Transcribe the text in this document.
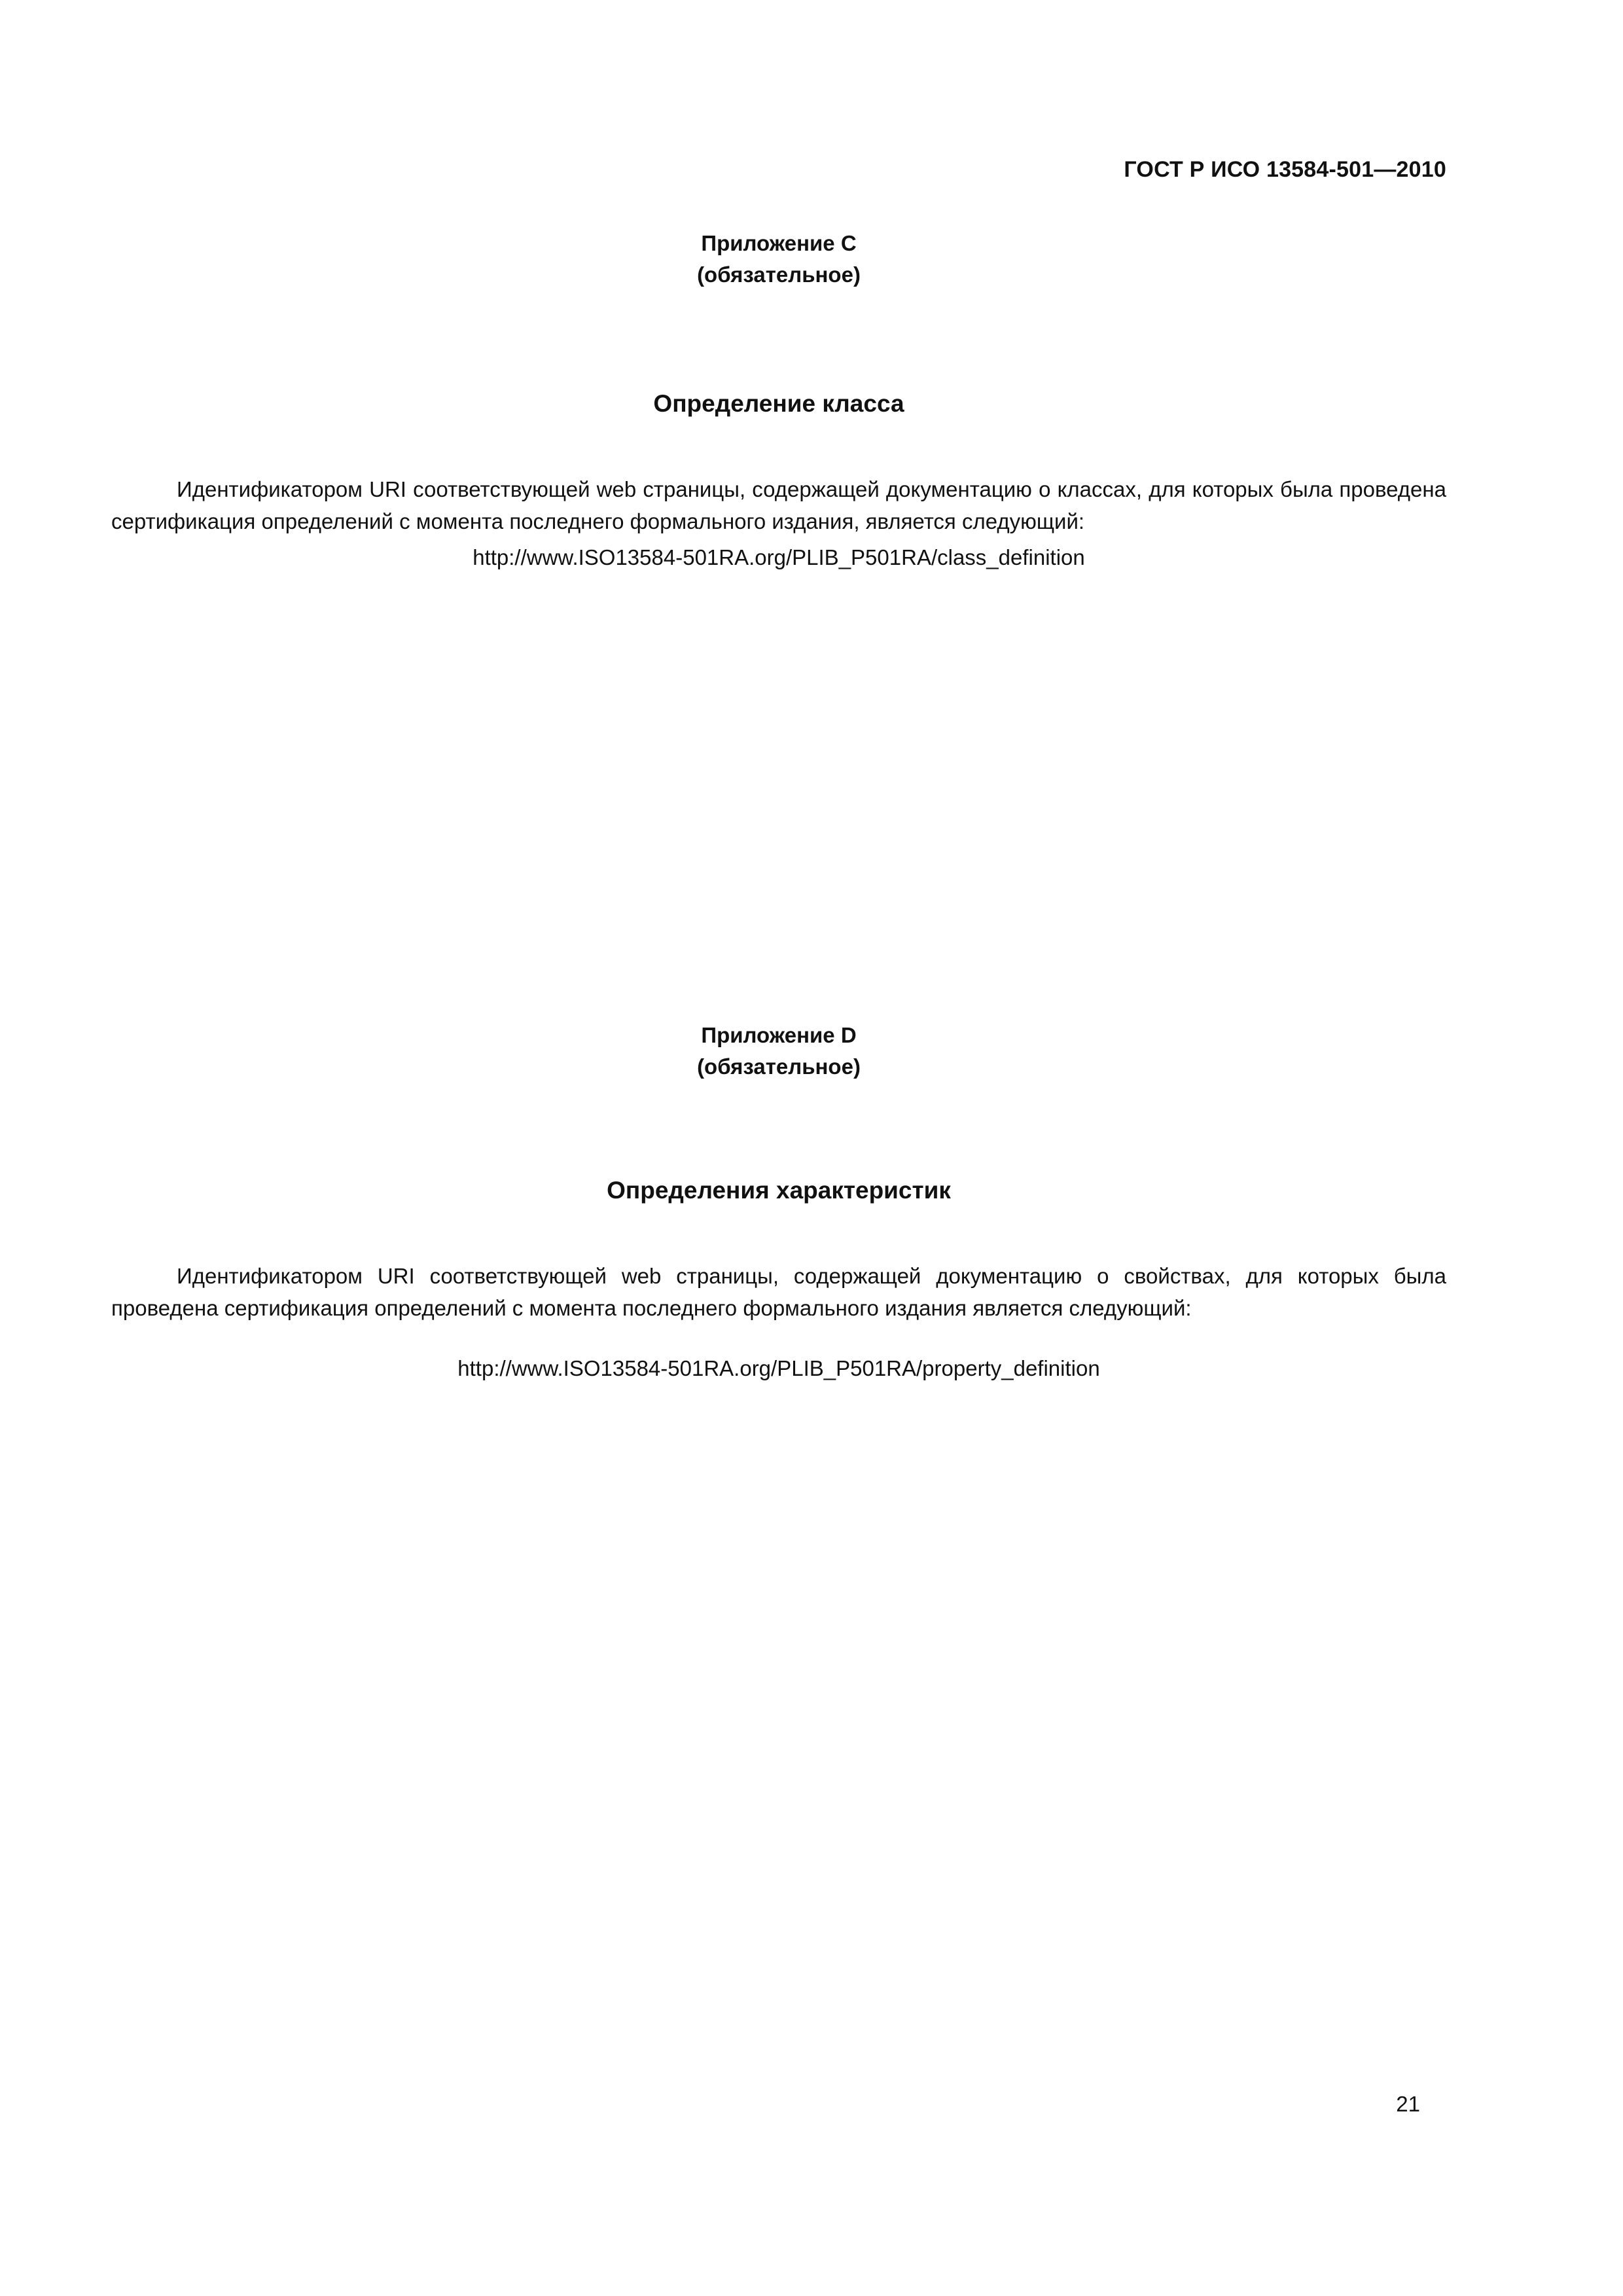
ГОСТ Р ИСО 13584-501—2010
Приложение C
(обязательное)
Определение класса

Идентификатором URI соответствующей web страницы, содержащей документацию о классах, для которых была проведена сертификация определений с момента последнего формального издания, является следующий:

http://www.ISO13584-501RA.org/PLIB_P501RA/class_definition
Приложение D
(обязательное)
Определения характеристик

Идентификатором URI соответствующей web страницы, содержащей документацию о свойствах, для которых была проведена сертификация определений с момента последнего формального издания является следующий:

http://www.ISO13584-501RA.org/PLIB_P501RA/property_definition
21
